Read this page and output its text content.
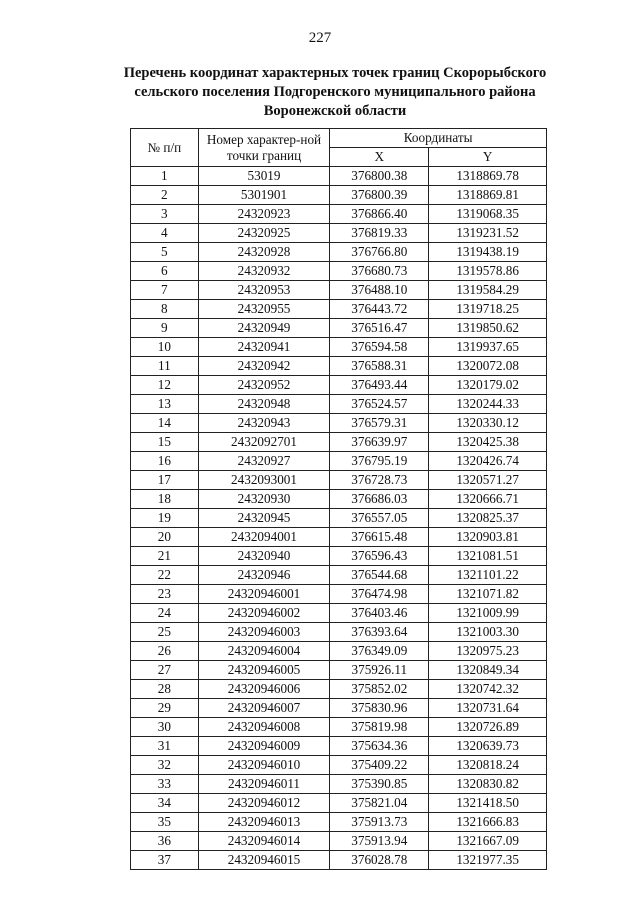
227
Перечень координат характерных точек границ Скорорыбского
сельского поселения Подгоренского муниципального района
Воронежской области
№ п/п	Номер характер-ной точки границ	Координаты	
		X	Y
1	53019	376800.38	1318869.78
2	5301901	376800.39	1318869.81
3	24320923	376866.40	1319068.35
4	24320925	376819.33	1319231.52
5	24320928	376766.80	1319438.19
6	24320932	376680.73	1319578.86
7	24320953	376488.10	1319584.29
8	24320955	376443.72	1319718.25
9	24320949	376516.47	1319850.62
10	24320941	376594.58	1319937.65
11	24320942	376588.31	1320072.08
12	24320952	376493.44	1320179.02
13	24320948	376524.57	1320244.33
14	24320943	376579.31	1320330.12
15	2432092701	376639.97	1320425.38
16	24320927	376795.19	1320426.74
17	2432093001	376728.73	1320571.27
18	24320930	376686.03	1320666.71
19	24320945	376557.05	1320825.37
20	2432094001	376615.48	1320903.81
21	24320940	376596.43	1321081.51
22	24320946	376544.68	1321101.22
23	24320946001	376474.98	1321071.82
24	24320946002	376403.46	1321009.99
25	24320946003	376393.64	1321003.30
26	24320946004	376349.09	1320975.23
27	24320946005	375926.11	1320849.34
28	24320946006	375852.02	1320742.32
29	24320946007	375830.96	1320731.64
30	24320946008	375819.98	1320726.89
31	24320946009	375634.36	1320639.73
32	24320946010	375409.22	1320818.24
33	24320946011	375390.85	1320830.82
34	24320946012	375821.04	1321418.50
35	24320946013	375913.73	1321666.83
36	24320946014	375913.94	1321667.09
37	24320946015	376028.78	1321977.35
